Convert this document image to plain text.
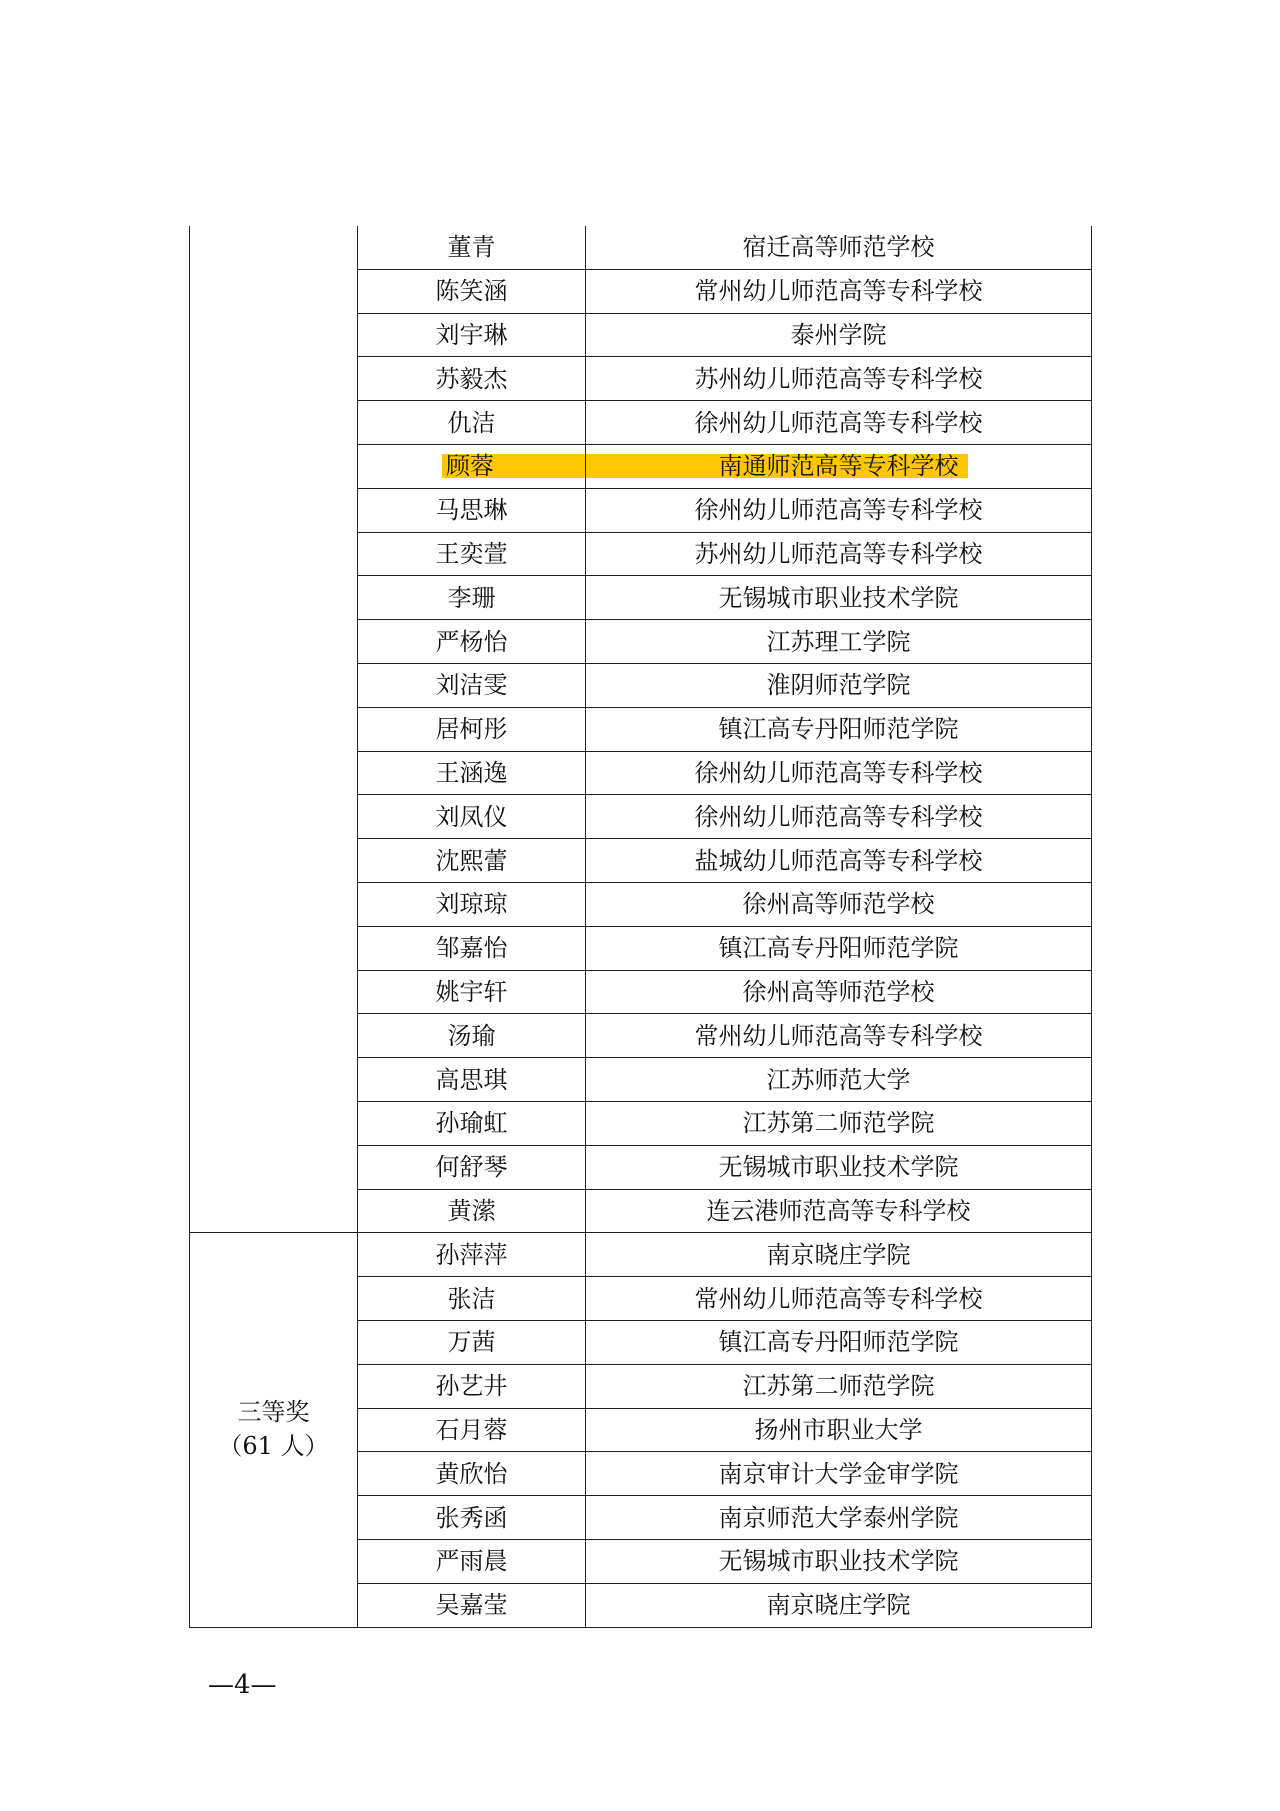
	董青	宿迁高等师范学校
	陈笑涵	常州幼儿师范高等专科学校
	刘宇琳	泰州学院
	苏毅杰	苏州幼儿师范高等专科学校
	仇洁	徐州幼儿师范高等专科学校
	顾蓉	南通师范高等专科学校
	马思琳	徐州幼儿师范高等专科学校
	王奕萱	苏州幼儿师范高等专科学校
	李珊	无锡城市职业技术学院
	严杨怡	江苏理工学院
	刘洁雯	淮阴师范学院
	居柯彤	镇江高专丹阳师范学院
	王涵逸	徐州幼儿师范高等专科学校
	刘凤仪	徐州幼儿师范高等专科学校
	沈熙蕾	盐城幼儿师范高等专科学校
	刘琼琼	徐州高等师范学校
	邹嘉怡	镇江高专丹阳师范学院
	姚宇轩	徐州高等师范学校
	汤瑜	常州幼儿师范高等专科学校
	高思琪	江苏师范大学
	孙瑜虹	江苏第二师范学院
	何舒琴	无锡城市职业技术学院
	黄潆	连云港师范高等专科学校

三等奖
（61 人）	孙萍萍	南京晓庄学院
	张洁	常州幼儿师范高等专科学校
	万茜	镇江高专丹阳师范学院
	孙艺井	江苏第二师范学院
	石月蓉	扬州市职业大学
	黄欣怡	南京审计大学金审学院
	张秀函	南京师范大学泰州学院
	严雨晨	无锡城市职业技术学院
	吴嘉莹	南京晓庄学院
—4—
